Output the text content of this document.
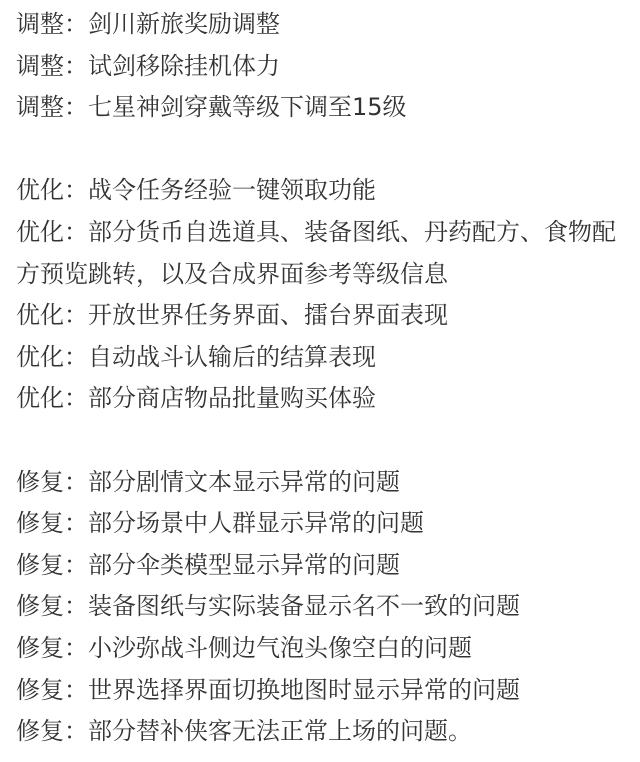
调整：剑川新旅奖励调整

调整：试剑移除挂机体力

调整：七星神剑穿戴等级下调至15级

优化：战令任务经验一键领取功能

优化：部分货币自选道具、装备图纸、丹药配方、食物配方预览跳转，以及合成界面参考等级信息

优化：开放世界任务界面、擂台界面表现

优化：自动战斗认输后的结算表现

优化：部分商店物品批量购买体验

修复：部分剧情文本显示异常的问题

修复：部分场景中人群显示异常的问题

修复：部分伞类模型显示异常的问题

修复：装备图纸与实际装备显示名不一致的问题

修复：小沙弥战斗侧边气泡头像空白的问题

修复：世界选择界面切换地图时显示异常的问题

修复：部分替补侠客无法正常上场的问题。
